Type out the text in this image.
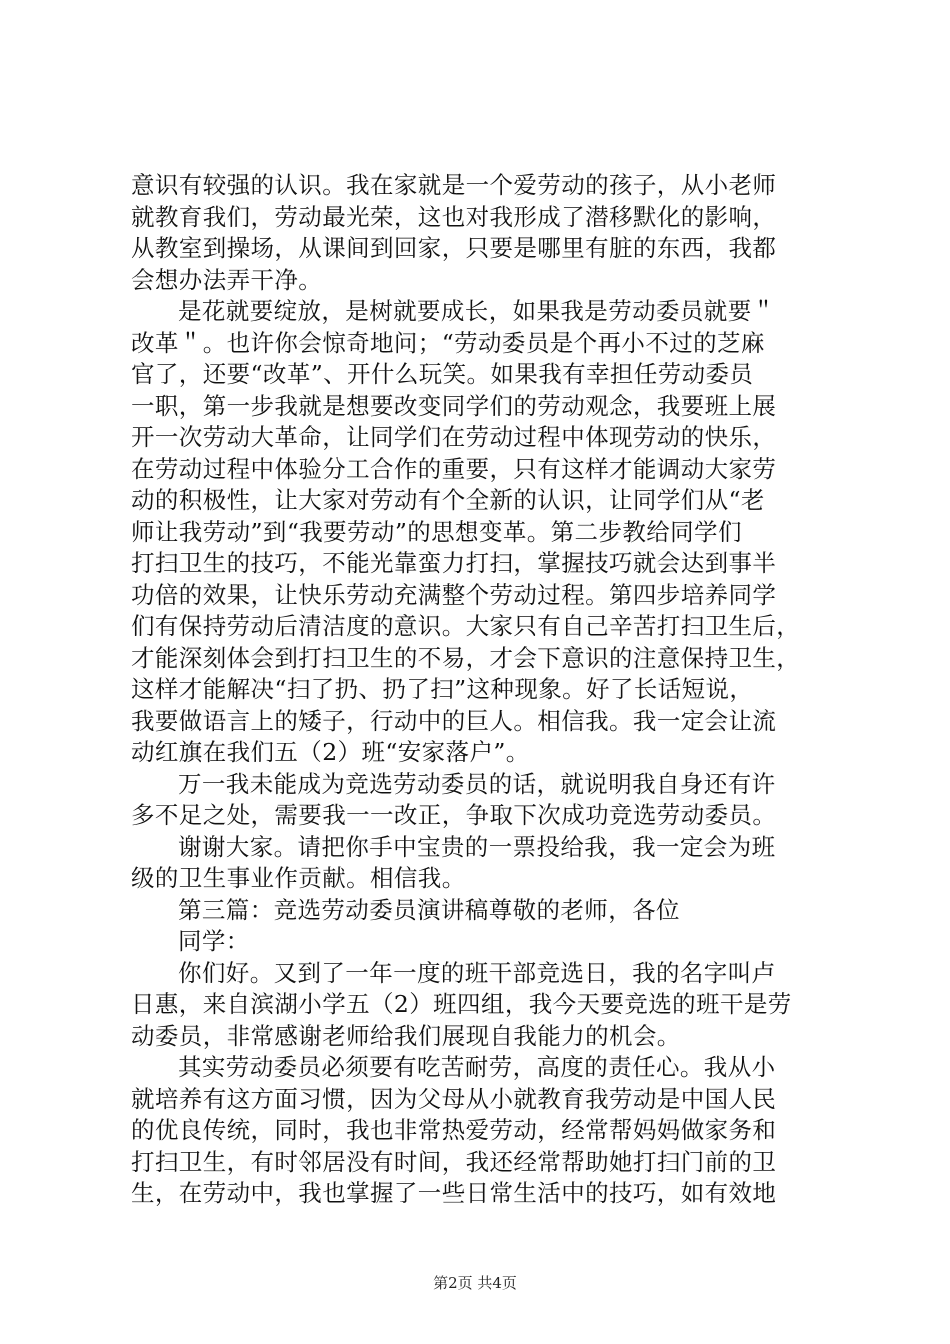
意识有较强的认识。我在家就是一个爱劳动的孩子，从小老师
就教育我们，劳动最光荣，这也对我形成了潜移默化的影响，
从教室到操场，从课间到回家，只要是哪里有脏的东西，我都
会想办法弄干净。
是花就要绽放，是树就要成长，如果我是劳动委员就要＂
改革＂。也许你会惊奇地问；“劳动委员是个再小不过的芝麻
官了，还要“改革”、开什么玩笑。如果我有幸担任劳动委员
一职，第一步我就是想要改变同学们的劳动观念，我要班上展
开一次劳动大革命，让同学们在劳动过程中体现劳动的快乐，
在劳动过程中体验分工合作的重要，只有这样才能调动大家劳
动的积极性，让大家对劳动有个全新的认识，让同学们从“老
师让我劳动”到“我要劳动”的思想变革。第二步教给同学们
打扫卫生的技巧，不能光靠蛮力打扫，掌握技巧就会达到事半
功倍的效果，让快乐劳动充满整个劳动过程。第四步培养同学
们有保持劳动后清洁度的意识。大家只有自己辛苦打扫卫生后，
才能深刻体会到打扫卫生的不易，才会下意识的注意保持卫生，
这样才能解决“扫了扔、扔了扫”这种现象。好了长话短说，
我要做语言上的矮子，行动中的巨人。相信我。我一定会让流
动红旗在我们五（2）班“安家落户”。
万一我未能成为竞选劳动委员的话，就说明我自身还有许
多不足之处，需要我一一改正，争取下次成功竞选劳动委员。
谢谢大家。请把你手中宝贵的一票投给我，我一定会为班
级的卫生事业作贡献。相信我。
第三篇：竞选劳动委员演讲稿尊敬的老师，各位
同学：
你们好。又到了一年一度的班干部竞选日，我的名字叫卢
日惠，来自滨湖小学五（2）班四组，我今天要竞选的班干是劳
动委员，非常感谢老师给我们展现自我能力的机会。
其实劳动委员必须要有吃苦耐劳，高度的责任心。我从小
就培养有这方面习惯，因为父母从小就教育我劳动是中国人民
的优良传统，同时，我也非常热爱劳动，经常帮妈妈做家务和
打扫卫生，有时邻居没有时间，我还经常帮助她打扫门前的卫
生，在劳动中，我也掌握了一些日常生活中的技巧，如有效地
第2页 共4页
